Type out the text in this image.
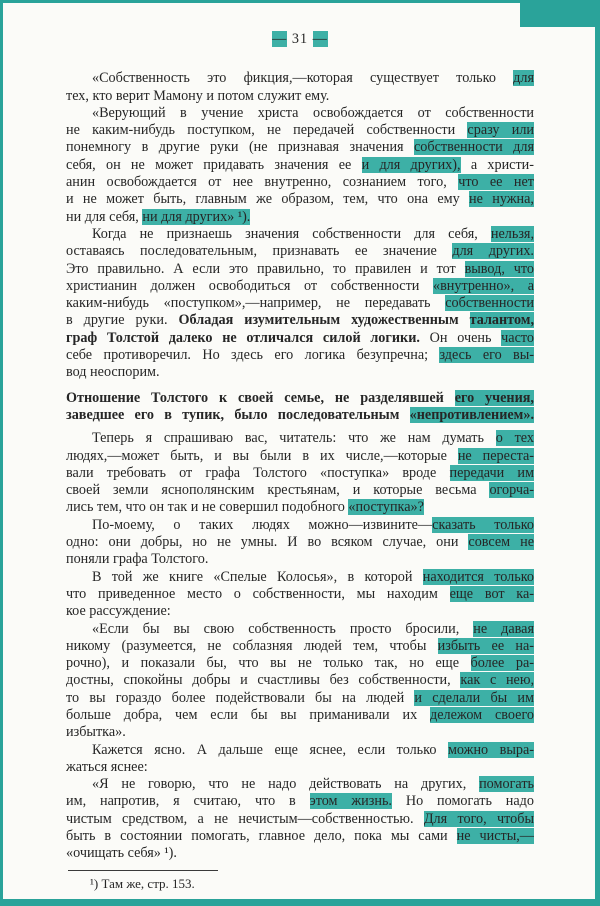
— 31 —
«Собственность это фикция,—которая существует только для
тех, кто верит Мамону и потом служит ему.
«Верующий в учение христа освобождается от собственности
не каким-нибудь поступком, не передачей собственности сразу или
понемногу в другие руки (не признавая значения собственности для
себя, он не может придавать значения ее и для других), а христи-
анин освобождается от нее внутренно, сознанием того, что ее нет
и не может быть, главным же образом, тем, что она ему не нужна,
ни для себя, ни для других» ¹).
Когда не признаешь значения собственности для себя, нельзя,
оставаясь последовательным, признавать ее значение для других.
Это правильно. А если это правильно, то правилен и тот вывод, что
христианин должен освободиться от собственности «внутренно», а
каким-нибудь «поступком»,—например, не передавать собственности
в другие руки. Обладая изумительным художественным талантом,
граф Толстой далеко не отличался силой логики. Он очень часто
себе противоречил. Но здесь его логика безупречна; здесь его вы-
вод неоспорим.
Отношение Толстого к своей семье, не разделявшей его учения,
заведшее его в тупик, было последовательным «непротивлением».
Теперь я спрашиваю вас, читатель: что же нам думать о тех
людях,—может быть, и вы были в их числе,—которые не переста-
вали требовать от графа Толстого «поступка» вроде передачи им
своей земли яснополянским крестьянам, и которые весьма огорча-
лись тем, что он так и не совершил подобного «поступка»?
По-моему, о таких людях можно—извините—сказать только
одно: они добры, но не умны. И во всяком случае, они совсем не
поняли графа Толстого.
В той же книге «Спелые Колосья», в которой находится только
что приведенное место о собственности, мы находим еще вот ка-
кое рассуждение:
«Если бы вы свою собственность просто бросили, не давая
никому (разумеется, не соблазняя людей тем, чтобы избыть ее на-
рочно), и показали бы, что вы не только так, но еще более ра-
достны, спокойны добры и счастливы без собственности, как с нею,
то вы гораздо более подействовали бы на людей и сделали бы им
больше добра, чем если бы вы приманивали их дележом своего
избытка».
Кажется ясно. А дальше еще яснее, если только можно выра-
жаться яснее:
«Я не говорю, что не надо действовать на других, помогать
им, напротив, я считаю, что в этом жизнь. Но помогать надо
чистым средством, а не нечистым—собственностью. Для того, чтобы
быть в состоянии помогать, главное дело, пока мы сами не чисты,—
«очищать себя» ¹).
¹) Там же, стр. 153.
